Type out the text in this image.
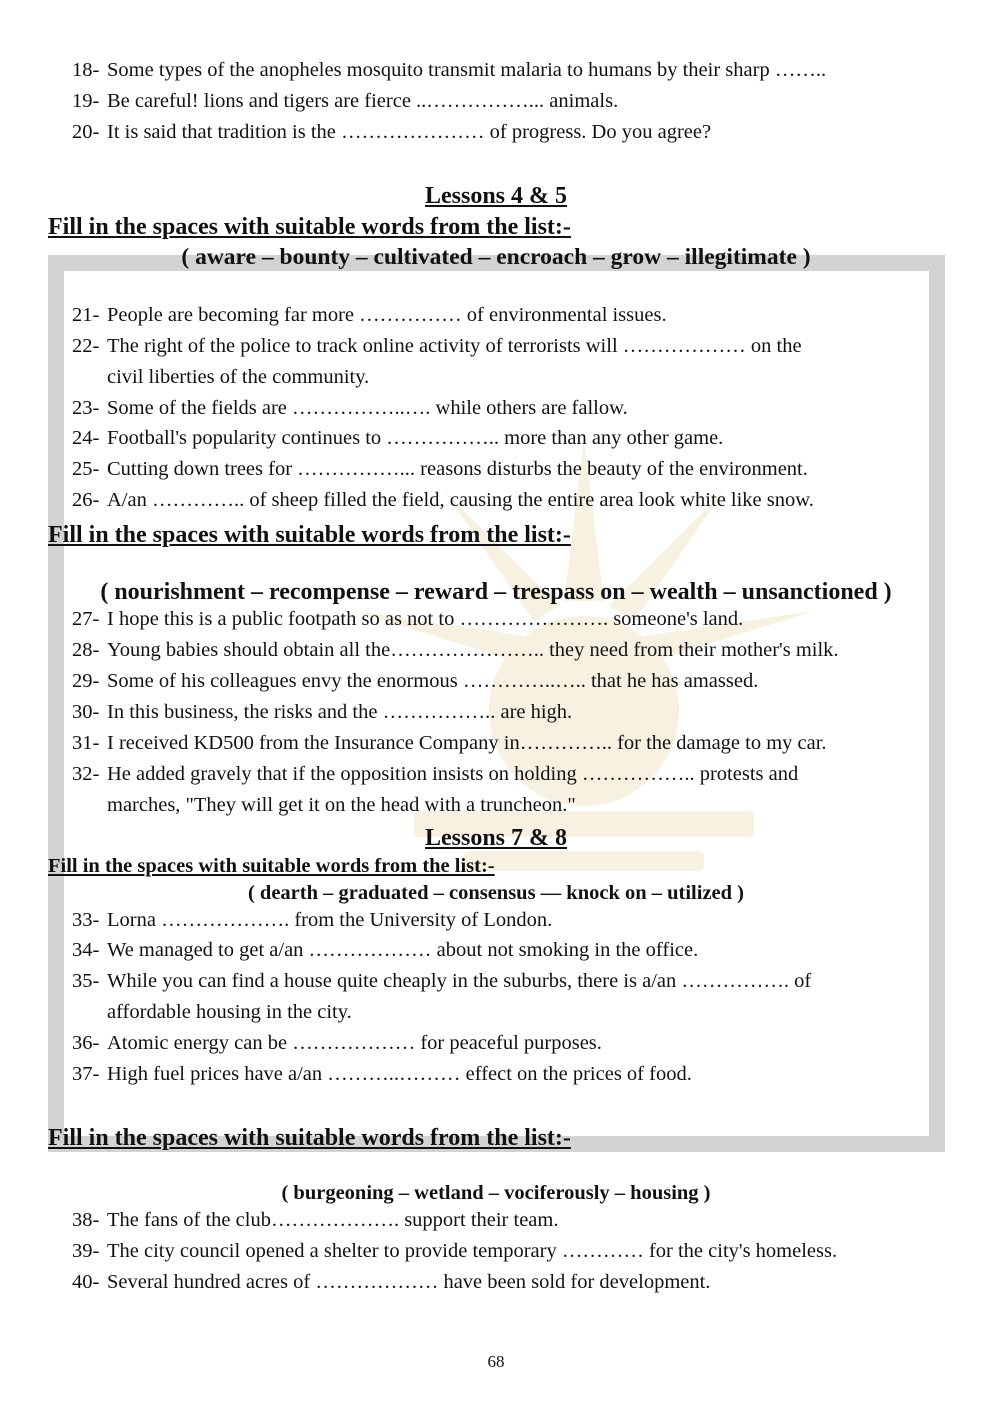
18- Some types of the anopheles mosquito transmit malaria to humans by their sharp ……..
19- Be careful! lions and tigers are fierce ..……………... animals.
20- It is said that tradition is the ………………… of progress. Do you agree?
Lessons 4 & 5
Fill in the spaces with suitable words from the list:-
( aware – bounty – cultivated – encroach – grow – illegitimate )
21- People are becoming far more …………… of environmental issues.
22- The right of the police to track online activity of terrorists will ……………… on the
civil liberties of the community.
23- Some of the fields are ……………..…. while others are fallow.
24- Football's popularity continues to …………….. more than any other game.
25- Cutting down trees for ……………... reasons disturbs the beauty of the environment.
26- A/an ………….. of sheep filled the field, causing the entire area look white like snow.
Fill in the spaces with suitable words from the list:-
( nourishment – recompense – reward – trespass on – wealth – unsanctioned )
27- I hope this is a public footpath so as not to …………………. someone's land.
28- Young babies should obtain all the………………….. they need from their mother's milk.
29- Some of his colleagues envy the enormous …………..….. that he has amassed.
30- In this business, the risks and the …………….. are high.
31- I received KD500 from the Insurance Company in………….. for the damage to my car.
32- He added gravely that if the opposition insists on holding …………….. protests and
marches, "They will get it on the head with a truncheon."
Lessons 7 & 8
Fill in the spaces with suitable words from the list:-
( dearth – graduated – consensus — knock on – utilized )
33- Lorna ………………. from the University of London.
34- We managed to get a/an ……………… about not smoking in the office.
35- While you can find a house quite cheaply in the suburbs, there is a/an ……………. of
affordable housing in the city.
36- Atomic energy can be ……………… for peaceful purposes.
37- High fuel prices have a/an ………..……… effect on the prices of food.
Fill in the spaces with suitable words from the list:-
( burgeoning – wetland – vociferously – housing )
38- The fans of the club………………. support their team.
39- The city council opened a shelter to provide temporary ………… for the city's homeless.
40- Several hundred acres of ……………… have been sold for development.
68
